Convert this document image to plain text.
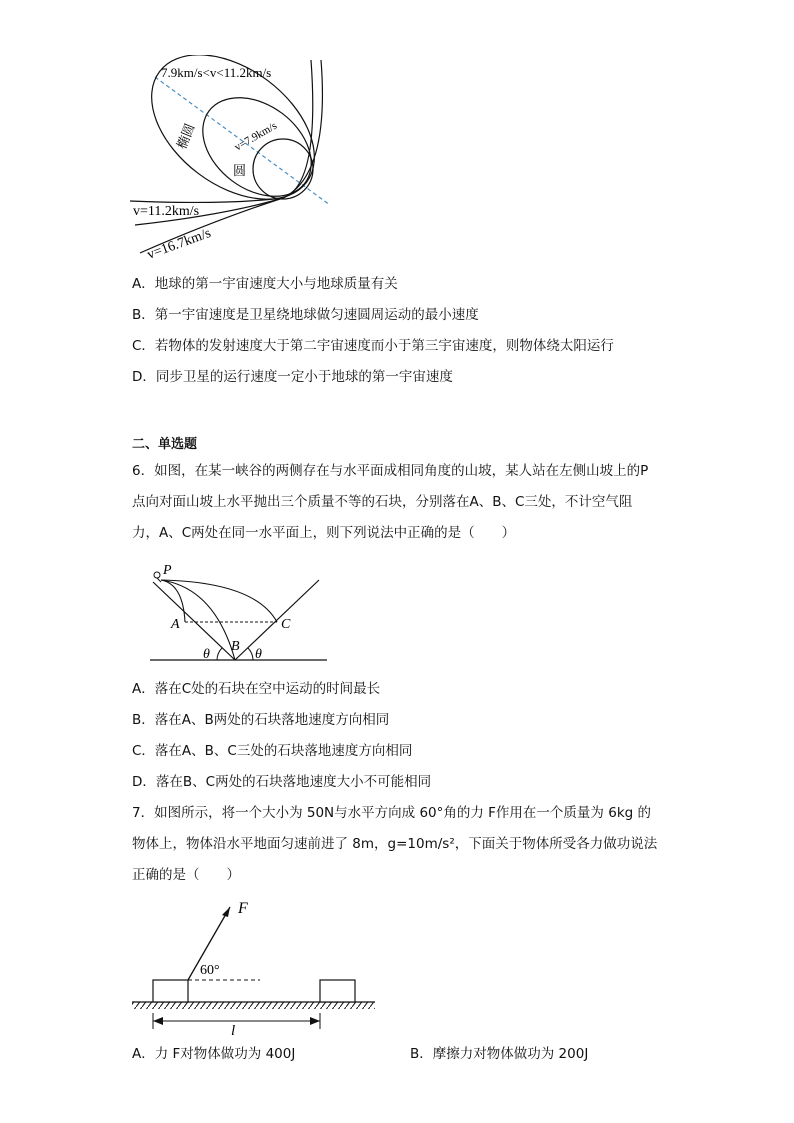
7.9km/s<v<11.2km/s
椭圆	v=7.9km/s
圆
v=11.2km/s
v=16.7km/s
A．地球的第一宇宙速度大小与地球质量有关
B．第一宇宙速度是卫星绕地球做匀速圆周运动的最小速度
C．若物体的发射速度大于第二宇宙速度而小于第三宇宙速度，则物体绕太阳运行
D．同步卫星的运行速度一定小于地球的第一宇宙速度
二、单选题
6．如图，在某一峡谷的两侧存在与水平面成相同角度的山坡，某人站在左侧山坡上的P
点向对面山坡上水平抛出三个质量不等的石块，分别落在A、B、C三处，不计空气阻
力，A、C两处在同一水平面上，则下列说法中正确的是（　　）
P
A
B
C
θ	θ
A．落在C处的石块在空中运动的时间最长
B．落在A、B两处的石块落地速度方向相同
C．落在A、B、C三处的石块落地速度方向相同
D．落在B、C两处的石块落地速度大小不可能相同
7．如图所示，将一个大小为 50N与水平方向成 60°角的力 F作用在一个质量为 6kg 的
物体上，物体沿水平地面匀速前进了 8m，g=10m/s²，下面关于物体所受各力做功说法
正确的是（　　）
F
60°
l
A．力 F对物体做功为 400J	B．摩擦力对物体做功为 200J
